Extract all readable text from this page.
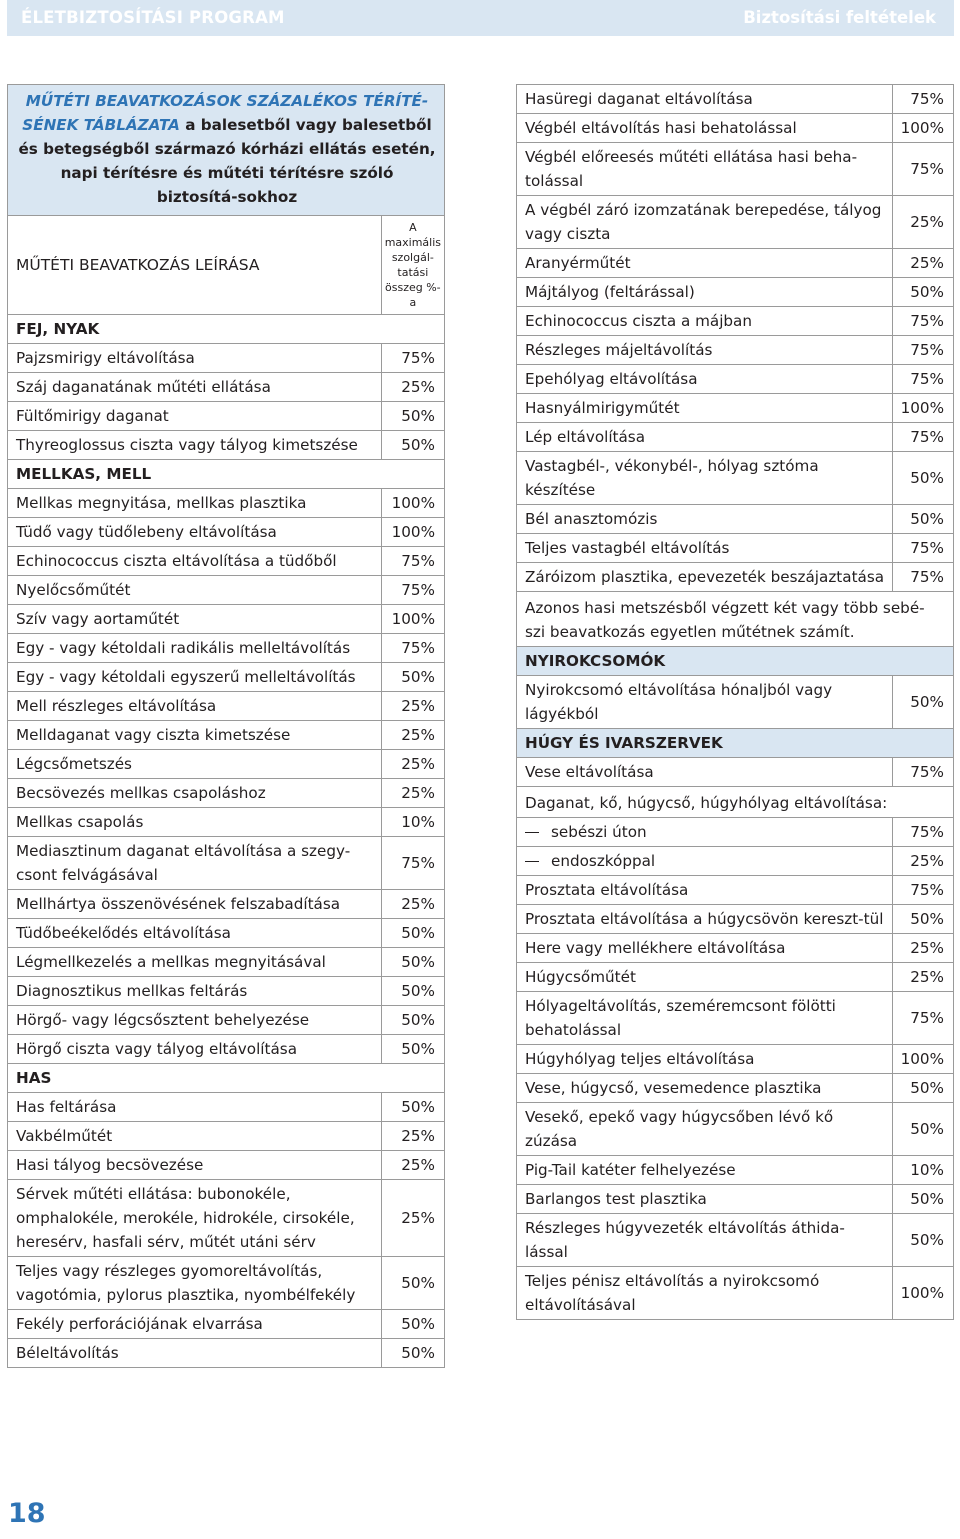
ÉLETBIZTOSÍTÁSI PROGRAM	Biztosítási feltételek
MŰTÉTI BEAVATKOZÁSOK SZÁZALÉKOS TÉRÍTÉ-SÉNEK TÁBLÁZATA a balesetből vagy balesetből és betegségből származó kórházi ellátás esetén, napi térítésre és műtéti térítésre szóló biztosítá-sokhoz	
MŰTÉTI BEAVATKOZÁS LEÍRÁSA	A maximális szolgál-tatási összeg %-a
FEJ, NYAK	
Pajzsmirigy eltávolítása	75%
Száj daganatának műtéti ellátása	25%
Fültőmirigy daganat	50%
Thyreoglossus ciszta vagy tályog kimetszése	50%
MELLKAS, MELL	
Mellkas megnyitása, mellkas plasztika	100%
Tüdő vagy tüdőlebeny eltávolítása	100%
Echinococcus ciszta eltávolítása a tüdőből	75%
Nyelőcsőműtét	75%
Szív vagy aortaműtét	100%
Egy - vagy kétoldali radikális melleltávolítás	75%
Egy - vagy kétoldali egyszerű melleltávolítás	50%
Mell részleges eltávolítása	25%
Melldaganat vagy ciszta kimetszése	25%
Légcsőmetszés	25%
Becsövezés mellkas csapoláshoz	25%
Mellkas csapolás	10%
Mediasztinum daganat eltávolítása a szegy-csont felvágásával	75%
Mellhártya összenövésének felszabadítása	25%
Tüdőbeékelődés eltávolítása	50%
Légmellkezelés a mellkas megnyitásával	50%
Diagnosztikus mellkas feltárás	50%
Hörgő- vagy légcsősztent behelyezése	50%
Hörgő ciszta vagy tályog eltávolítása	50%
HAS	
Has feltárása	50%
Vakbélműtét	25%
Hasi tályog becsövezése	25%
Sérvek műtéti ellátása: bubonokéle, omphalokéle, merokéle, hidrokéle, cirsokéle, heresérv, hasfali sérv, műtét utáni sérv	25%
Teljes vagy részleges gyomoreltávolítás, vagotómia, pylorus plasztika, nyombélfekély	50%
Fekély perforációjának elvarrása	50%
Béleltávolítás	50%
Hasüregi daganat eltávolítása	75%
Végbél eltávolítás hasi behatolással	100%
Végbél előreesés műtéti ellátása hasi beha-tolással	75%
A végbél záró izomzatának berepedése, tályog vagy ciszta	25%
Aranyérműtét	25%
Májtályog (feltárással)	50%
Echinococcus ciszta a májban	75%
Részleges májeltávolítás	75%
Epehólyag eltávolítása	75%
Hasnyálmirigyműtét	100%
Lép eltávolítása	75%
Vastagbél-, vékonybél-, hólyag sztóma készítése	50%
Bél anasztomózis	50%
Teljes vastagbél eltávolítás	75%
Záróizom plasztika, epevezeték beszájaztatása	75%
Azonos hasi metszésből végzett két vagy több sebé-szi beavatkozás egyetlen műtétnek számít.	
NYIROKCSOMÓK	
Nyirokcsomó eltávolítása hónaljból vagy lágyékból	50%
HÚGY ÉS IVARSZERVEK	
Vese eltávolítása	75%
Daganat, kő, húgycső, húgyhólyag eltávolítása:	
sebészi úton	75%
endoszkóppal	25%
Prosztata eltávolítása	75%
Prosztata eltávolítása a húgycsövön kereszt-tül	50%
Here vagy mellékhere eltávolítása	25%
Húgycsőműtét	25%
Hólyageltávolítás, szeméremcsont fölötti behatolással	75%
Húgyhólyag teljes eltávolítása	100%
Vese, húgycső, vesemedence plasztika	50%
Vesekő, epekő vagy húgycsőben lévő kő zúzása	50%
Pig-Tail katéter felhelyezése	10%
Barlangos test plasztika	50%
Részleges húgyvezeték eltávolítás áthida-lással	50%
Teljes pénisz eltávolítás a nyirokcsomó eltávolításával	100%
18
